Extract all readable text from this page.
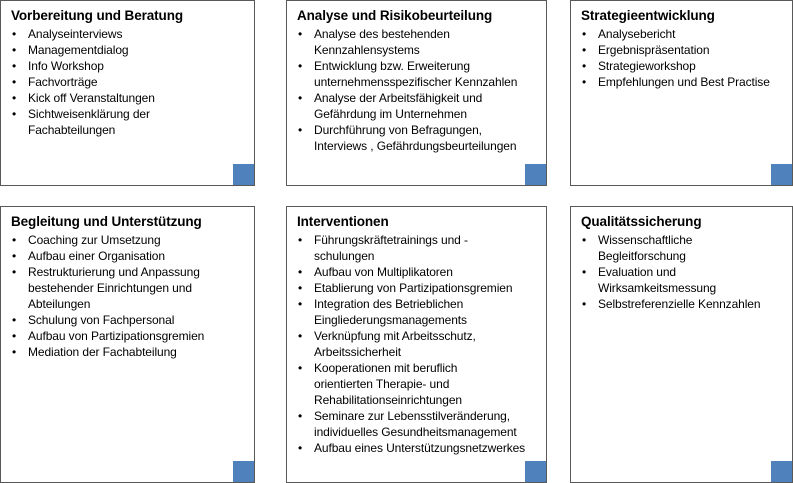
Vorbereitung und Beratung
• Analyseinterviews
• Managementdialog
• Info Workshop
• Fachvorträge
• Kick off Veranstaltungen
• Sichtweisenklärung der
Fachabteilungen
Analyse und Risikobeurteilung
• Analyse des bestehenden
Kennzahlensystems
• Entwicklung bzw. Erweiterung
unternehmensspezifischer Kennzahlen
• Analyse der Arbeitsfähigkeit und
Gefährdung im Unternehmen
• Durchführung von Befragungen,
Interviews , Gefährdungsbeurteilungen
Strategieentwicklung
• Analysebericht
• Ergebnispräsentation
• Strategieworkshop
• Empfehlungen und Best Practise
Begleitung und Unterstützung
• Coaching zur Umsetzung
• Aufbau einer Organisation
• Restrukturierung und Anpassung
bestehender Einrichtungen und
Abteilungen
• Schulung von Fachpersonal
• Aufbau von Partizipationsgremien
• Mediation der Fachabteilung
Interventionen
• Führungskräftetrainings und -
schulungen
• Aufbau von Multiplikatoren
• Etablierung von Partizipationsgremien
• Integration des Betrieblichen
Eingliederungsmanagements
• Verknüpfung mit Arbeitsschutz,
Arbeitssicherheit
• Kooperationen mit beruflich
orientierten Therapie- und
Rehabilitationseinrichtungen
• Seminare zur Lebensstilveränderung,
individuelles Gesundheitsmanagement
• Aufbau eines Unterstützungsnetzwerkes
Qualitätssicherung
• Wissenschaftliche
Begleitforschung
• Evaluation und
Wirksamkeitsmessung
• Selbstreferenzielle Kennzahlen
